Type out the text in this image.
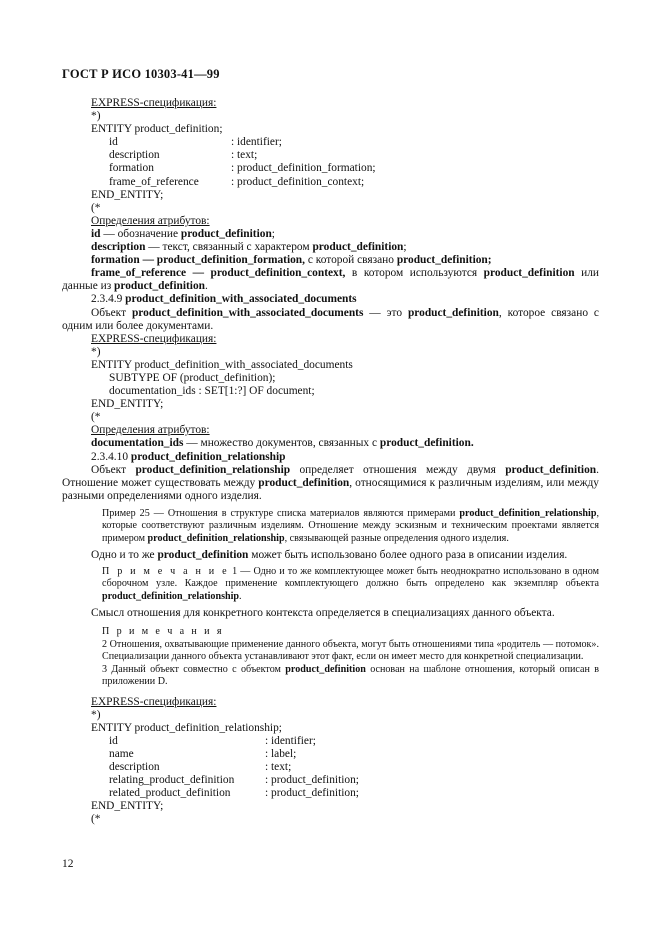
ГОСТ Р ИСО 10303-41—99
EXPRESS-спецификация:
*)
ENTITY product_definition;
id	: identifier;
description	: text;
formation	: product_definition_formation;
frame_of_reference	: product_definition_context;
END_ENTITY;
(*
Определения атрибутов:

id — обозначение product_definition;

description — текст, связанный с характером product_definition;

formation — product_definition_formation, с которой связано product_definition;

frame_of_reference — product_definition_context, в котором используются product_definition или данные из product_definition.

2.3.4.9 product_definition_with_associated_documents

Объект product_definition_with_associated_documents — это product_definition, которое связано с одним или более документами.

EXPRESS-спецификация:
*)
ENTITY product_definition_with_associated_documents
SUBTYPE OF (product_definition);
documentation_ids : SET[1:?] OF document;
END_ENTITY;
(*
Определения атрибутов:

documentation_ids — множество документов, связанных с product_definition.

2.3.4.10 product_definition_relationship

Объект product_definition_relationship определяет отношения между двумя product_definition. Отношение может существовать между product_definition, относящимися к различным изделиям, или между разными определениями одного изделия.

Пример 25 — Отношения в структуре списка материалов являются примерами product_definition_relationship, которые соответствуют различным изделиям. Отношение между эскизным и техническим проектами является примером product_definition_relationship, связывающей разные определения одного изделия.

Одно и то же product_definition может быть использовано более одного раза в описании изделия.

П р и м е ч а н и е 1 — Одно и то же комплектующее может быть неоднократно использовано в одном сборочном узле. Каждое применение комплектующего должно быть определено как экземпляр объекта product_definition_relationship.

Смысл отношения для конкретного контекста определяется в специализациях данного объекта.

П р и м е ч а н и я
2 Отношения, охватывающие применение данного объекта, могут быть отношениями типа «родитель — потомок». Специализации данного объекта устанавливают этот факт, если он имеет место для конкретной специализации.
3 Данный объект совместно с объектом product_definition основан на шаблоне отношения, который описан в приложении D.
EXPRESS-спецификация:
*)
ENTITY product_definition_relationship;
id	: identifier;
name	: label;
description	: text;
relating_product_definition	: product_definition;
related_product_definition	: product_definition;
END_ENTITY;
(*
12
